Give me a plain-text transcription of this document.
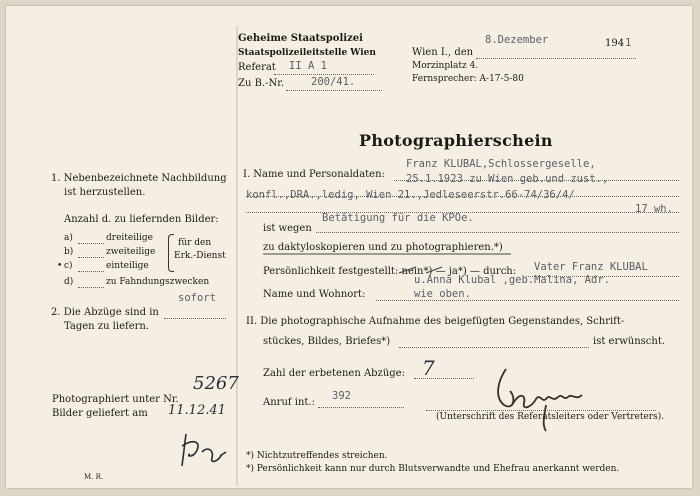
Geheime Staatspolizei
Staatspolizeileitstelle Wien
Referat II A 1
Zu B.-Nr.	200/41.
Wien I., den
8.Dezember	194 1
Morzinplatz 4.
Fernsprecher: A-17-5-80
Photographierschein
1. Nebenbezeichnete Nachbildung
ist herzustellen.
Anzahl d. zu liefernden Bilder:
a)	dreiteilige
b)	zweiteilige
• c)	einteilige
für den
Erk.-Dienst
d)	zu Fahndungszwecken
sofort
2. Die Abzüge sind in
Tagen zu liefern.
Photographiert unter Nr.
5267
Bilder geliefert am 11.12.41
M. R.
I. Name und Personaldaten:
Franz KLUBAL,Schlossergeselle,
25.1.1923 zu Wien geb.und zust.,
konfl.,DRA.,ledig, Wien 21.,Jedleseerstr.66-74/36/4/
17 wh.
ist wegen
Betätigung für die KPOe.
zu daktyloskopieren und zu photographieren.*)
Persönlichkeit festgestellt: nein*) — ja*) — durch: Vater Franz KLUBAL
u.Anna Klubal ,geb.Malina, Adr.
Name und Wohnort:	wie oben.
II. Die photographische Aufnahme des beigefügten Gegenstandes, Schrift-
stückes, Bildes, Briefes*)	ist erwünscht.
Zahl der erbetenen Abzüge: 7
Anruf int.:
392
(Unterschrift des Referatsleiters oder Vertreters).
*) Nichtzutreffendes streichen.
*) Persönlichkeit kann nur durch Blutsverwandte und Ehefrau anerkannt werden.
